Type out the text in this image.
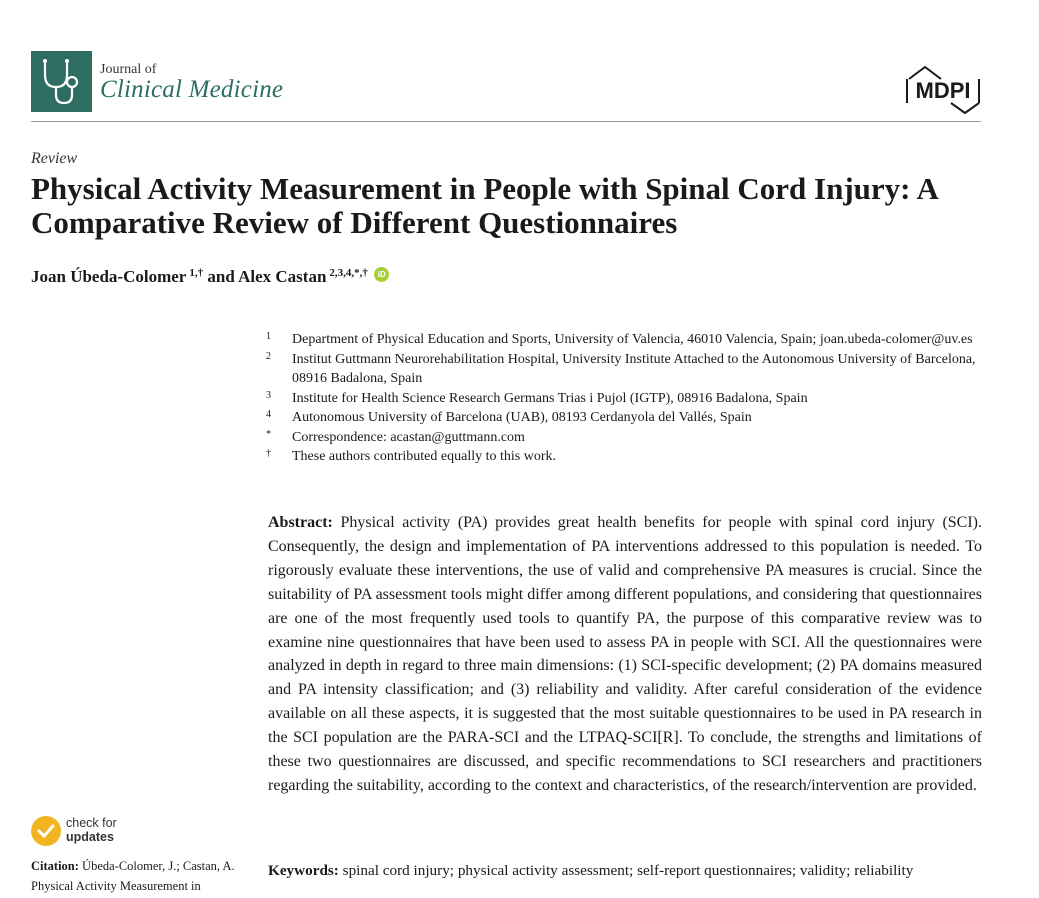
Journal of
Clinical Medicine	MDPI
Review
Physical Activity Measurement in People with Spinal Cord Injury: A Comparative Review of Different Questionnaires
Joan Úbeda-Colomer $^{1,\dagger}$ and Alex Castan $^{2,3,4,*,\dagger}$ iD
1	Department of Physical Education and Sports, University of Valencia, 46010 Valencia, Spain; joan.ubeda-colomer@uv.es
2	Institut Guttmann Neurorehabilitation Hospital, University Institute Attached to the Autonomous University of Barcelona, 08916 Badalona, Spain
3	Institute for Health Science Research Germans Trias i Pujol (IGTP), 08916 Badalona, Spain
4	Autonomous University of Barcelona (UAB), 08193 Cerdanyola del Vallés, Spain
*	Correspondence: acastan@guttmann.com
†	These authors contributed equally to this work.
Abstract: Physical activity (PA) provides great health benefits for people with spinal cord injury (SCI). Consequently, the design and implementation of PA interventions addressed to this population is needed. To rigorously evaluate these interventions, the use of valid and comprehensive PA measures is crucial. Since the suitability of PA assessment tools might differ among different populations, and considering that questionnaires are one of the most frequently used tools to quantify PA, the purpose of this comparative review was to examine nine questionnaires that have been used to assess PA in people with SCI. All the questionnaires were analyzed in depth in regard to three main dimensions: (1) SCI-specific development; (2) PA domains measured and PA intensity classification; and (3) reliability and validity. After careful consideration of the evidence available on all these aspects, it is suggested that the most suitable questionnaires to be used in PA research in the SCI population are the PARA-SCI and the LTPAQ-SCI[R]. To conclude, the strengths and limitations of these two questionnaires are discussed, and specific recommendations to SCI researchers and practitioners regarding the suitability, according to the context and characteristics, of the research/intervention are provided.
Keywords: spinal cord injury; physical activity assessment; self-report questionnaires; validity; reliability
check for
updates
Citation: Úbeda-Colomer, J.; Castan, A. Physical Activity Measurement in
